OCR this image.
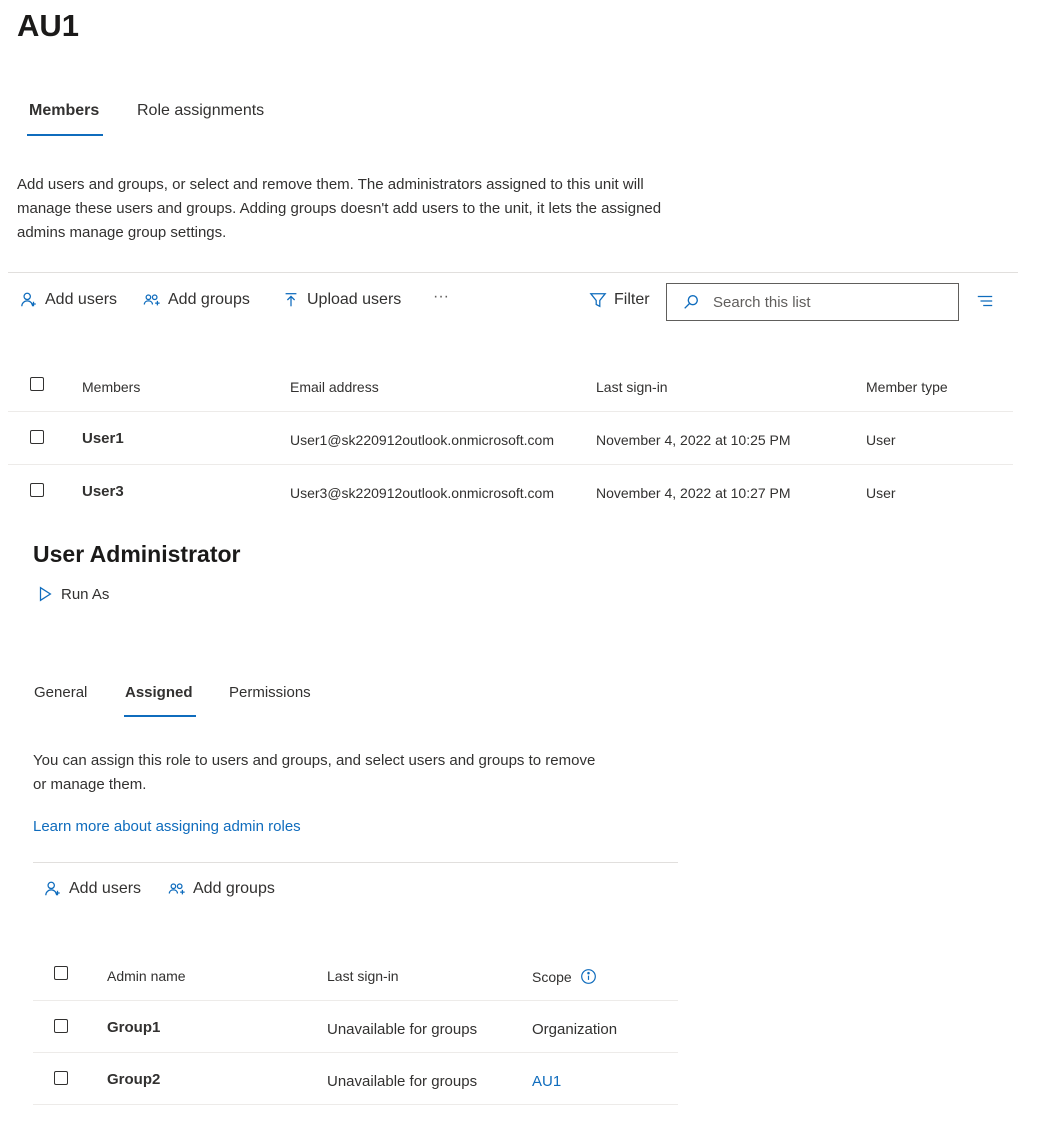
AU1
Members Role assignments
Add users and groups, or select and remove them. The administrators assigned to this unit will
manage these users and groups. Adding groups doesn't add users to the unit, it lets the assigned
admins manage group settings.
Add users	Add groups	Upload users ···	Filter
Search this list
Members	Email address	Last sign-in	Member type
User1	User1@sk220912outlook.onmicrosoft.com	November 4, 2022 at 10:25 PM	User
User3	User3@sk220912outlook.onmicrosoft.com	November 4, 2022 at 10:27 PM	User
User Administrator
Run As
General	Assigned Permissions
You can assign this role to users and groups, and select users and groups to remove
or manage them.
Learn more about assigning admin roles
Add users	Add groups
Admin name	Last sign-in	Scope
Group1	Unavailable for groups	Organization
Group2	Unavailable for groups	AU1
